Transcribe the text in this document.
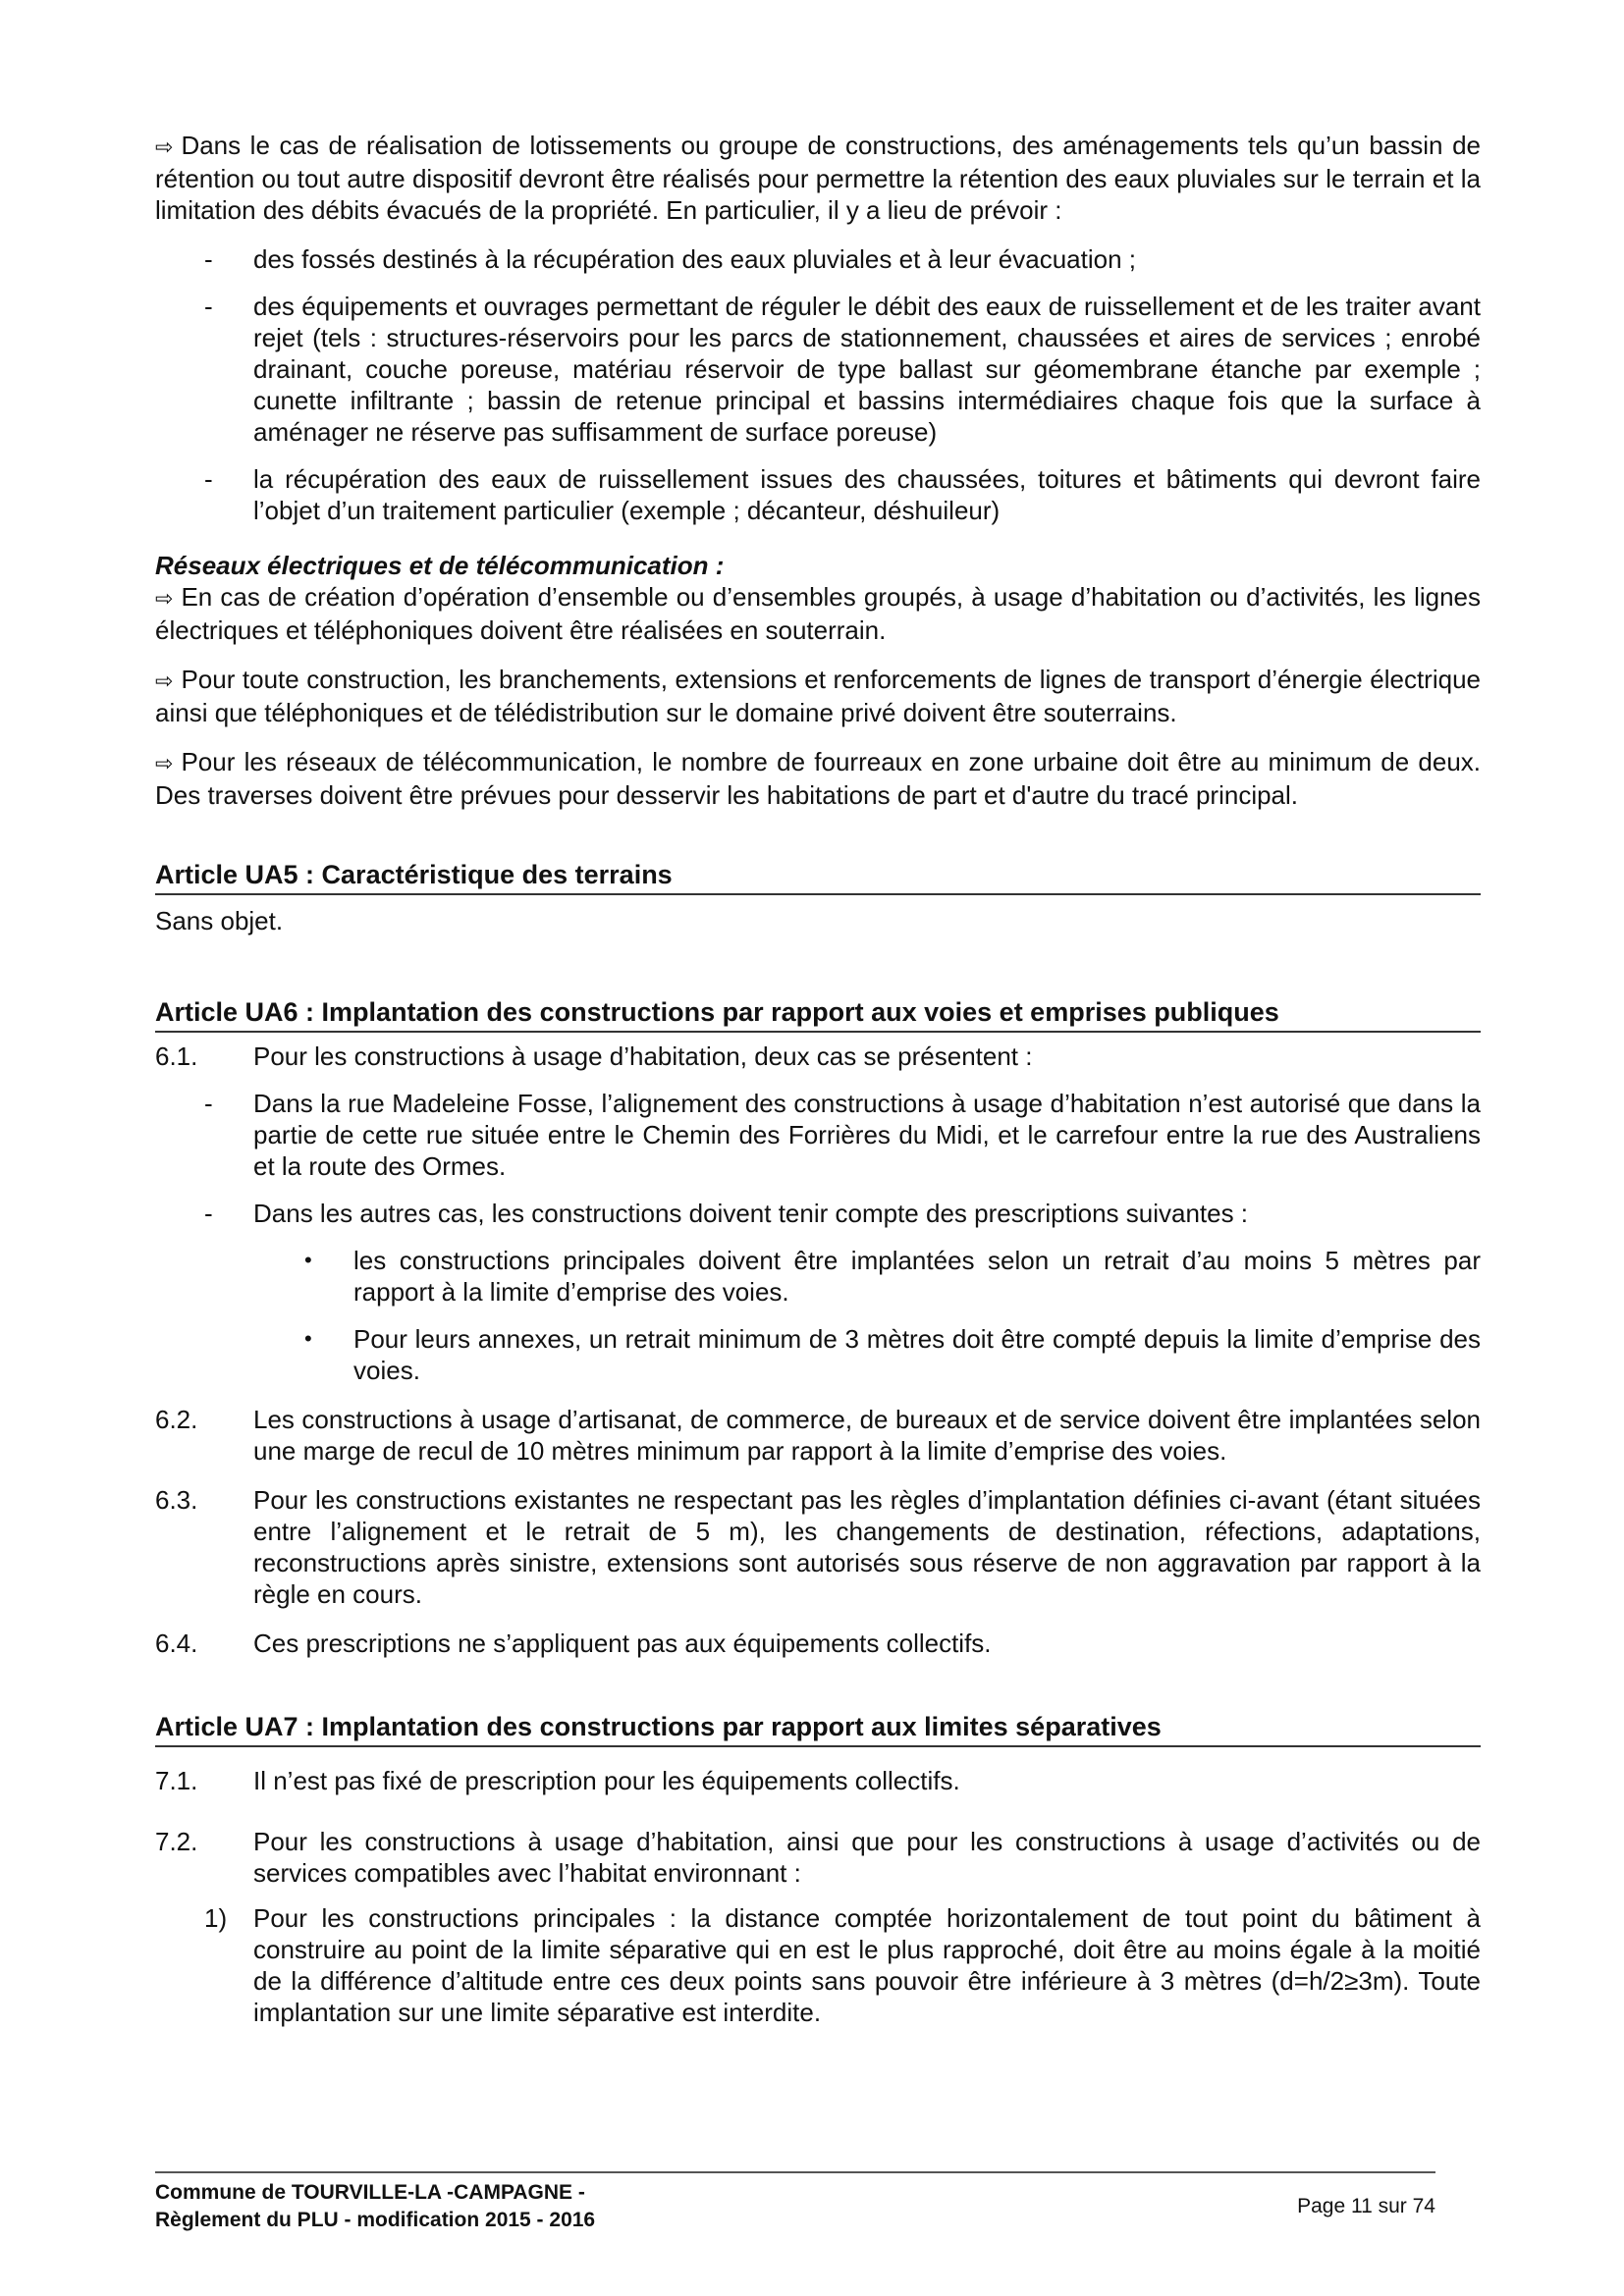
⇨ Dans le cas de réalisation de lotissements ou groupe de constructions, des aménagements tels qu’un bassin de rétention ou tout autre dispositif devront être réalisés pour permettre la rétention des eaux pluviales sur le terrain et la limitation des débits évacués de la propriété. En particulier, il y a lieu de prévoir :

- des fossés destinés à la récupération des eaux pluviales et à leur évacuation ;
- des équipements et ouvrages permettant de réguler le débit des eaux de ruissellement et de les traiter avant rejet (tels : structures-réservoirs pour les parcs de stationnement, chaussées et aires de services ; enrobé drainant, couche poreuse, matériau réservoir de type ballast sur géomembrane étanche par exemple ; cunette infiltrante ; bassin de retenue principal et bassins intermédiaires chaque fois que la surface à aménager ne réserve pas suffisamment de surface poreuse)
- la récupération des eaux de ruissellement issues des chaussées, toitures et bâtiments qui devront faire l’objet d’un traitement particulier (exemple ; décanteur, déshuileur)

Réseaux électriques et de télécommunication :

⇨ En cas de création d’opération d’ensemble ou d’ensembles groupés, à usage d’habitation ou d’activités, les lignes électriques et téléphoniques doivent être réalisées en souterrain.

⇨ Pour toute construction, les branchements, extensions et renforcements de lignes de transport d’énergie électrique ainsi que téléphoniques et de télédistribution sur le domaine privé doivent être souterrains.

⇨ Pour les réseaux de télécommunication, le nombre de fourreaux en zone urbaine doit être au minimum de deux. Des traverses doivent être prévues pour desservir les habitations de part et d'autre du tracé principal.

Article UA5 : Caractéristique des terrains

Sans objet.

Article UA6 : Implantation des constructions par rapport aux voies et emprises publiques
6.1. Pour les constructions à usage d’habitation, deux cas se présentent :
- Dans la rue Madeleine Fosse, l’alignement des constructions à usage d’habitation n’est autorisé que dans la partie de cette rue située entre le Chemin des Forrières du Midi, et le carrefour entre la rue des Australiens et la route des Ormes.
- Dans les autres cas, les constructions doivent tenir compte des prescriptions suivantes :
• les constructions principales doivent être implantées selon un retrait d’au moins 5 mètres par rapport à la limite d’emprise des voies.
• Pour leurs annexes, un retrait minimum de 3 mètres doit être compté depuis la limite d’emprise des voies.
6.2. Les constructions à usage d’artisanat, de commerce, de bureaux et de service doivent être implantées selon une marge de recul de 10 mètres minimum par rapport à la limite d’emprise des voies.
6.3. Pour les constructions existantes ne respectant pas les règles d’implantation définies ci-avant (étant situées entre l’alignement et le retrait de 5 m), les changements de destination, réfections, adaptations, reconstructions après sinistre, extensions sont autorisés sous réserve de non aggravation par rapport à la règle en cours.
6.4. Ces prescriptions ne s’appliquent pas aux équipements collectifs.
Article UA7 : Implantation des constructions par rapport aux limites séparatives
7.1. Il n’est pas fixé de prescription pour les équipements collectifs.
7.2. Pour les constructions à usage d’habitation, ainsi que pour les constructions à usage d’activités ou de services compatibles avec l’habitat environnant :
1) Pour les constructions principales : la distance comptée horizontalement de tout point du bâtiment à construire au point de la limite séparative qui en est le plus rapproché, doit être au moins égale à la moitié de la différence d’altitude entre ces deux points sans pouvoir être inférieure à 3 mètres (d=h/2≥3m). Toute implantation sur une limite séparative est interdite.
Commune de TOURVILLE-LA -CAMPAGNE -
Règlement du PLU - modification 2015 - 2016
Page 11 sur 74
